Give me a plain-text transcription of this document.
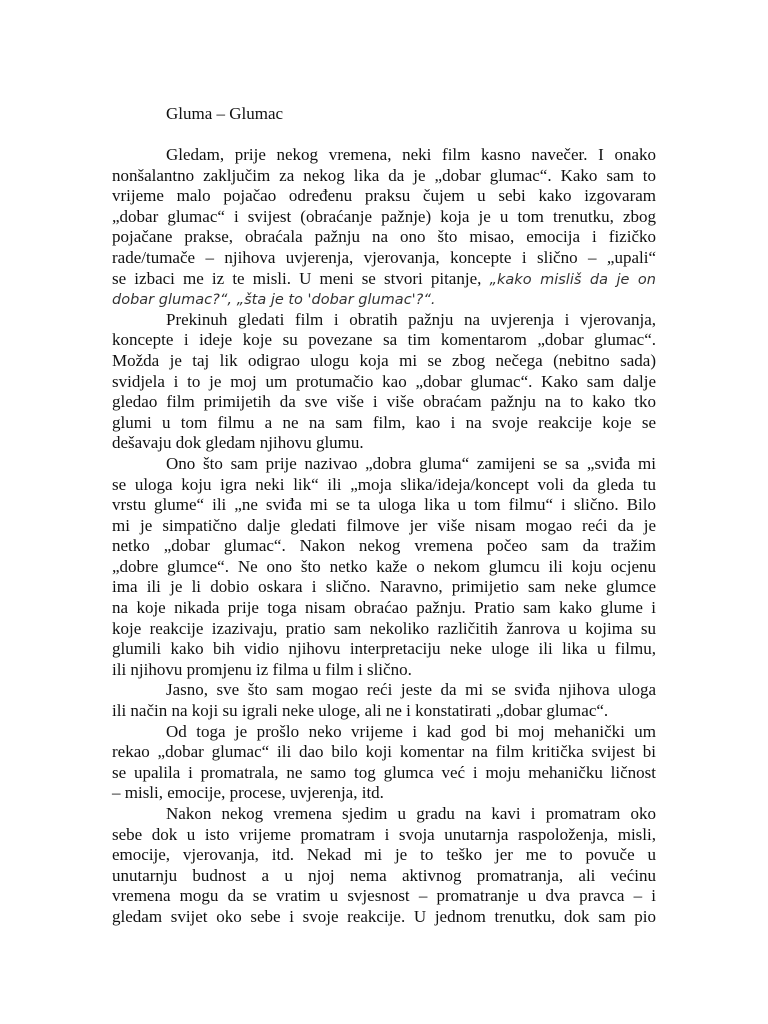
Gluma – Glumac
Gledam, prije nekog vremena, neki film kasno navečer. I onako
nonšalantno zaključim za nekog lika da je „dobar glumac“. Kako sam to
vrijeme malo pojačao određenu praksu čujem u sebi kako izgovaram
„dobar glumac“ i svijest (obraćanje pažnje) koja je u tom trenutku, zbog
pojačane prakse, obraćala pažnju na ono što misao, emocija i fizičko
rade/tumače – njihova uvjerenja, vjerovanja, koncepte i slično – „upali“
se izbaci me iz te misli. U meni se stvori pitanje, „kako misliš da je on
dobar glumac?“, „šta je to 'dobar glumac'?“.
Prekinuh gledati film i obratih pažnju na uvjerenja i vjerovanja,
koncepte i ideje koje su povezane sa tim komentarom „dobar glumac“.
Možda je taj lik odigrao ulogu koja mi se zbog nečega (nebitno sada)
svidjela i to je moj um protumačio kao „dobar glumac“. Kako sam dalje
gledao film primijetih da sve više i više obraćam pažnju na to kako tko
glumi u tom filmu a ne na sam film, kao i na svoje reakcije koje se
dešavaju dok gledam njihovu glumu.
Ono što sam prije nazivao „dobra gluma“ zamijeni se sa „sviđa mi
se uloga koju igra neki lik“ ili „moja slika/ideja/koncept voli da gleda tu
vrstu glume“ ili „ne sviđa mi se ta uloga lika u tom filmu“ i slično. Bilo
mi je simpatično dalje gledati filmove jer više nisam mogao reći da je
netko „dobar glumac“. Nakon nekog vremena počeo sam da tražim
„dobre glumce“. Ne ono što netko kaže o nekom glumcu ili koju ocjenu
ima ili je li dobio oskara i slično. Naravno, primijetio sam neke glumce
na koje nikada prije toga nisam obraćao pažnju. Pratio sam kako glume i
koje reakcije izazivaju, pratio sam nekoliko različitih žanrova u kojima su
glumili kako bih vidio njihovu interpretaciju neke uloge ili lika u filmu,
ili njihovu promjenu iz filma u film i slično.
Jasno, sve što sam mogao reći jeste da mi se sviđa njihova uloga
ili način na koji su igrali neke uloge, ali ne i konstatirati „dobar glumac“.
Od toga je prošlo neko vrijeme i kad god bi moj mehanički um
rekao „dobar glumac“ ili dao bilo koji komentar na film kritička svijest bi
se upalila i promatrala, ne samo tog glumca već i moju mehaničku ličnost
– misli, emocije, procese, uvjerenja, itd.
Nakon nekog vremena sjedim u gradu na kavi i promatram oko
sebe dok u isto vrijeme promatram i svoja unutarnja raspoloženja, misli,
emocije, vjerovanja, itd. Nekad mi je to teško jer me to povuče u
unutarnju budnost a u njoj nema aktivnog promatranja, ali većinu
vremena mogu da se vratim u svjesnost – promatranje u dva pravca – i
gledam svijet oko sebe i svoje reakcije. U jednom trenutku, dok sam pio
